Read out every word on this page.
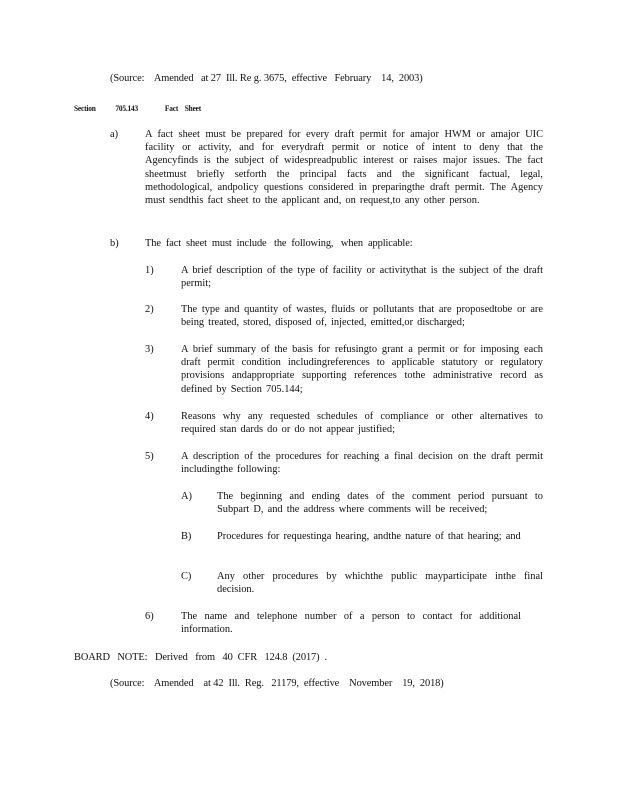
(Source:    Amended   at 27  Ill. Re g. 3675,  effective   February    14,  2003)
Section 705.143	Fact    Sheet
a)	A fact sheet must be prepared for every draft permit for amajor HWM or amajor UIC facility or activity, and for everydraft permit or notice of intent to deny that the Agencyfinds is the subject of widespreadpublic interest or raises major issues. The fact sheetmust briefly setforth the principal facts and the significant factual, legal, methodological, andpolicy questions considered in preparingthe draft permit. The Agency must sendthis fact sheet to the applicant and, on request,to any other person.
b)	The  fact  sheet  must  include   the  following,   when  applicable:
1)	A brief description of the type of facility or activitythat is the subject of the draft permit;
2)	The type and quantity of wastes, fluids or pollutants that are proposedtobe or are being treated, stored, disposed of, injected, emitted,or discharged;
3)	A brief summary of the basis for refusingto grant a permit or for imposing each draft permit condition includingreferences to applicable statutory or regulatory provisions andappropriate supporting references tothe administrative record as defined by Section 705.144;
4)	Reasons why any requested schedules of compliance or other alternatives to required stan dards do or do not appear justified;
5)	A description of the procedures for reaching a final decision on the draft permit includingthe following:
A) The beginning and ending dates of the comment period pursuant to Subpart D, and the address where comments will be received;
B) Procedures for requestinga hearing, andthe nature of that hearing; and
C) Any other procedures by whichthe public mayparticipate inthe final decision.
6)	The name and telephone number of a person to contact for additional information.
BOARD   NOTE:   Derived   from   40  CFR   124.8  (2017)  .
(Source:    Amended    at 42  Ill.  Reg.   21179,  effective    November    19,  2018)
